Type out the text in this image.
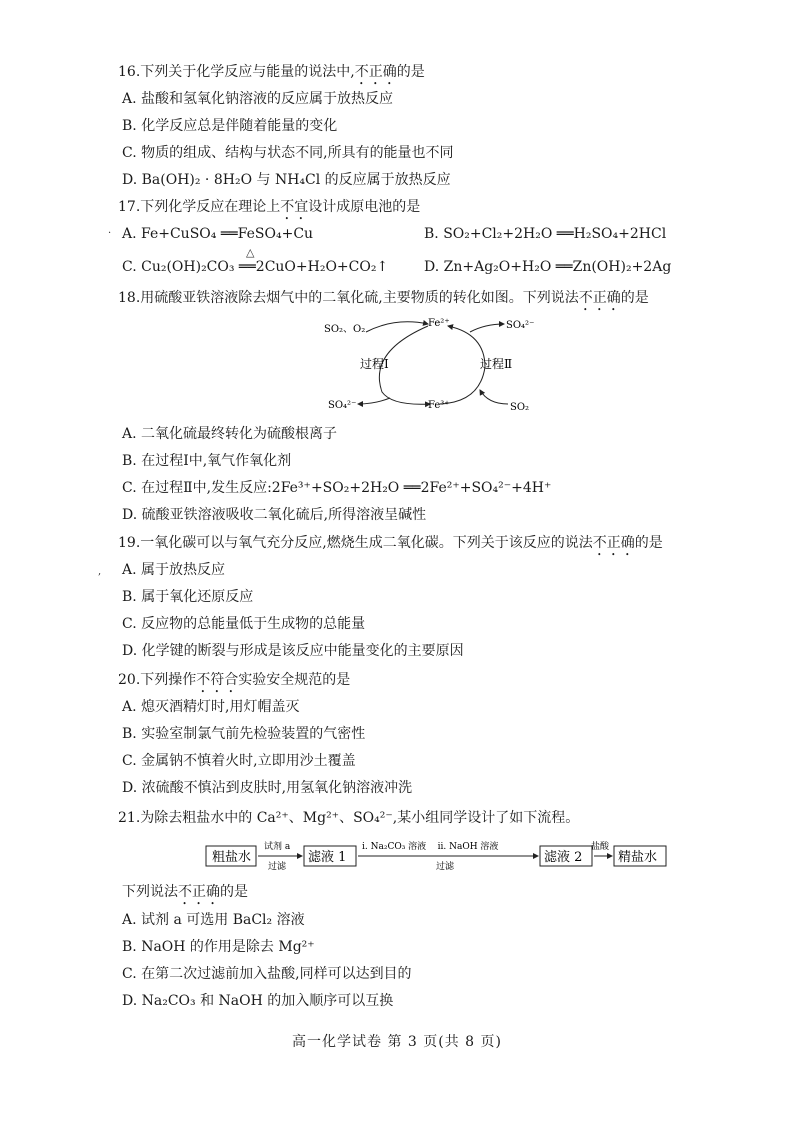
16.下列关于化学反应与能量的说法中,不正确的是
A. 盐酸和氢氧化钠溶液的反应属于放热反应
B. 化学反应总是伴随着能量的变化
C. 物质的组成、结构与状态不同,所具有的能量也不同
D. Ba(OH)₂ · 8H₂O 与 NH₄Cl 的反应属于放热反应
17.下列化学反应在理论上不宜设计成原电池的是
· A. Fe+CuSO₄ ══FeSO₄+Cu	B. SO₂+Cl₂+2H₂O ══H₂SO₄+2HCl
△
C. Cu₂(OH)₂CO₃ ══2CuO+H₂O+CO₂↑	D. Zn+Ag₂O+H₂O ══Zn(OH)₂+2Ag
18.用硫酸亚铁溶液除去烟气中的二氧化硫,主要物质的转化如图。下列说法不正确的是
SO₂、O₂
Fe²⁺	SO₄²⁻
过程Ⅰ	过程Ⅱ
SO₄²⁻	Fe³⁺	SO₂
A. 二氧化硫最终转化为硫酸根离子
B. 在过程Ⅰ中,氧气作氧化剂
C. 在过程Ⅱ中,发生反应:2Fe³⁺+SO₂+2H₂O ══2Fe²⁺+SO₄²⁻+4H⁺
D. 硫酸亚铁溶液吸收二氧化硫后,所得溶液呈碱性
19.一氧化碳可以与氧气充分反应,燃烧生成二氧化碳。下列关于该反应的说法不正确的是
, A. 属于放热反应
B. 属于氧化还原反应
C. 反应物的总能量低于生成物的总能量
D. 化学键的断裂与形成是该反应中能量变化的主要原因
20.下列操作不符合实验安全规范的是
A. 熄灭酒精灯时,用灯帽盖灭
B. 实验室制氯气前先检验装置的气密性
C. 金属钠不慎着火时,立即用沙土覆盖
D. 浓硫酸不慎沾到皮肤时,用氢氧化钠溶液冲洗
21.为除去粗盐水中的 Ca²⁺、Mg²⁺、SO₄²⁻,某小组同学设计了如下流程。
粗盐水
试剂 a
过滤
滤液 1
i. Na₂CO₃ 溶液    ii. NaOH 溶液
过滤
滤液 2
盐酸
精盐水
下列说法不正确的是
A. 试剂 a 可选用 BaCl₂ 溶液
B. NaOH 的作用是除去 Mg²⁺
C. 在第二次过滤前加入盐酸,同样可以达到目的
D. Na₂CO₃ 和 NaOH 的加入顺序可以互换
高一化学试卷 第 3 页(共 8 页)
